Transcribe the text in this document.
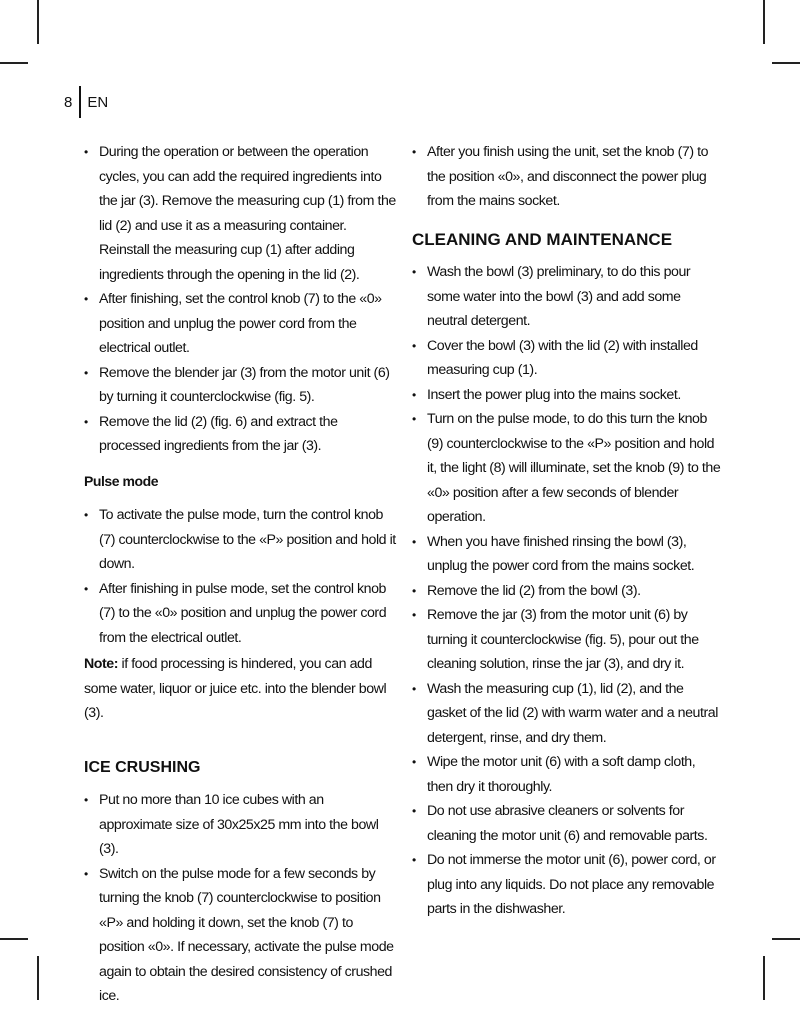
8 EN
• During the operation or between the operation cycles, you can add the required ingredients into the jar (3). Remove the measuring cup (1) from the lid (2) and use it as a measuring container. Reinstall the measuring cup (1) after adding ingredients through the opening in the lid (2).
• After finishing, set the control knob (7) to the «0» position and unplug the power cord from the electrical outlet.
• Remove the blender jar (3) from the motor unit (6) by turning it counterclockwise (fig. 5).
• Remove the lid (2) (fig. 6) and extract the processed ingredients from the jar (3).
Pulse mode
• To activate the pulse mode, turn the control knob (7) counterclockwise to the «P» position and hold it down.
• After finishing in pulse mode, set the control knob (7) to the «0» position and unplug the power cord from the electrical outlet.
Note: if food processing is hindered, you can add some water, liquor or juice etc. into the blender bowl (3).
ICE CRUSHING
• Put no more than 10 ice cubes with an approximate size of 30x25x25 mm into the bowl (3).
• Switch on the pulse mode for a few seconds by turning the knob (7) counterclockwise to position «P» and holding it down, set the knob (7) to position «0». If necessary, activate the pulse mode again to obtain the desired consistency of crushed ice.
• After you finish using the unit, set the knob (7) to the position «0», and disconnect the power plug from the mains socket.
CLEANING AND MAINTENANCE
• Wash the bowl (3) preliminary, to do this pour some water into the bowl (3) and add some neutral detergent.
• Cover the bowl (3) with the lid (2) with installed measuring cup (1).
• Insert the power plug into the mains socket.
• Turn on the pulse mode, to do this turn the knob (9) counterclockwise to the «P» position and hold it, the light (8) will illuminate, set the knob (9) to the «0» position after a few seconds of blender operation.
• When you have finished rinsing the bowl (3), unplug the power cord from the mains socket.
• Remove the lid (2) from the bowl (3).
• Remove the jar (3) from the motor unit (6) by turning it counterclockwise (fig. 5), pour out the cleaning solution, rinse the jar (3), and dry it.
• Wash the measuring cup (1), lid (2), and the gasket of the lid (2) with warm water and a neutral detergent, rinse, and dry them.
• Wipe the motor unit (6) with a soft damp cloth, then dry it thoroughly.
• Do not use abrasive cleaners or solvents for cleaning the motor unit (6) and removable parts.
• Do not immerse the motor unit (6), power cord, or plug into any liquids. Do not place any removable parts in the dishwasher.
